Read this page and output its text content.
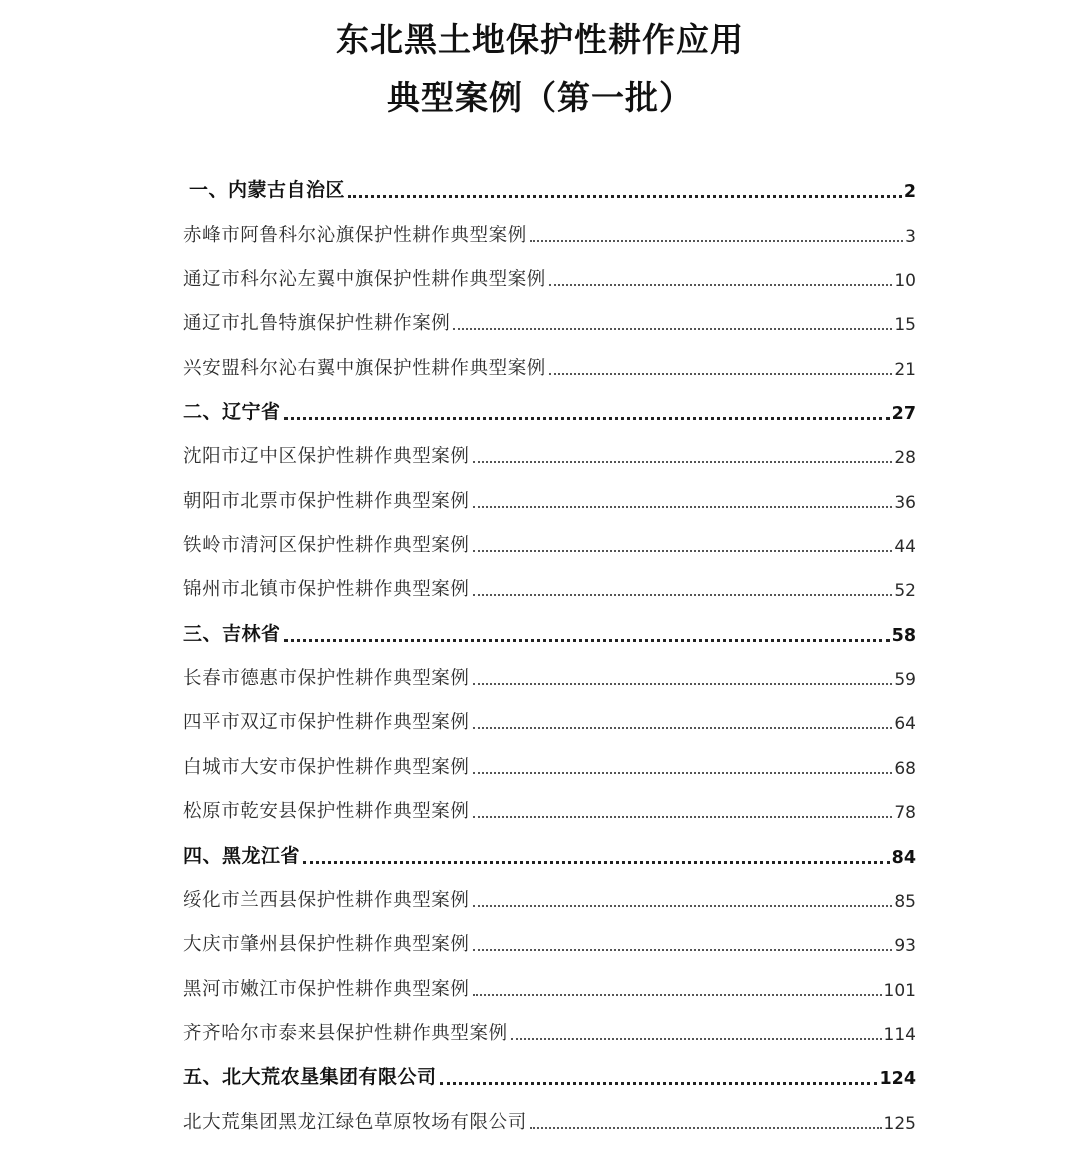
东北黑土地保护性耕作应用
典型案例（第一批）
一、内蒙古自治区	2
赤峰市阿鲁科尔沁旗保护性耕作典型案例	3
通辽市科尔沁左翼中旗保护性耕作典型案例	10
通辽市扎鲁特旗保护性耕作案例	15
兴安盟科尔沁右翼中旗保护性耕作典型案例	21
二、辽宁省	27
沈阳市辽中区保护性耕作典型案例	28
朝阳市北票市保护性耕作典型案例	36
铁岭市清河区保护性耕作典型案例	44
锦州市北镇市保护性耕作典型案例	52
三、吉林省	58
长春市德惠市保护性耕作典型案例	59
四平市双辽市保护性耕作典型案例	64
白城市大安市保护性耕作典型案例	68
松原市乾安县保护性耕作典型案例	78
四、黑龙江省	84
绥化市兰西县保护性耕作典型案例	85
大庆市肇州县保护性耕作典型案例	93
黑河市嫩江市保护性耕作典型案例	101
齐齐哈尔市泰来县保护性耕作典型案例	114
五、北大荒农垦集团有限公司	124
北大荒集团黑龙江绿色草原牧场有限公司	125
